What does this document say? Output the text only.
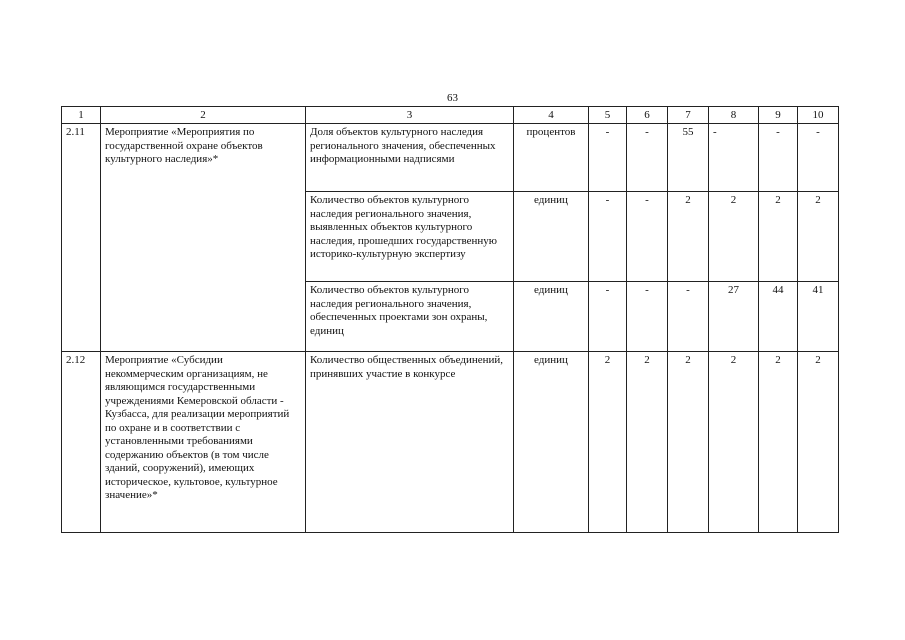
63
1	2	3	4	5	6	7	8	9	10
2.11	Мероприятие «Мероприятия по государственной охране объектов культурного наследия»*	Доля объектов культурного наследия регионального значения, обеспеченных информационными надписями	процентов	-	-	55	-	-	-
		Количество объектов культурного наследия регионального значения, выявленных объектов культурного наследия, прошедших государственную историко-культурную экспертизу	единиц	-	-	2	2	2	2
		Количество объектов культурного наследия регионального значения, обеспеченных проектами зон охраны, единиц	единиц	-	-	-	27	44	41
2.12	Мероприятие «Субсидии некоммерческим организациям, не являющимся государственными учреждениями Кемеровской области - Кузбасса, для реализации мероприятий по охране и в соответствии с установленными требованиями содержанию объектов (в том числе зданий, сооружений), имеющих историческое, культовое, культурное значение»*	Количество общественных объединений, принявших участие в конкурсе	единиц	2	2	2	2	2	2
